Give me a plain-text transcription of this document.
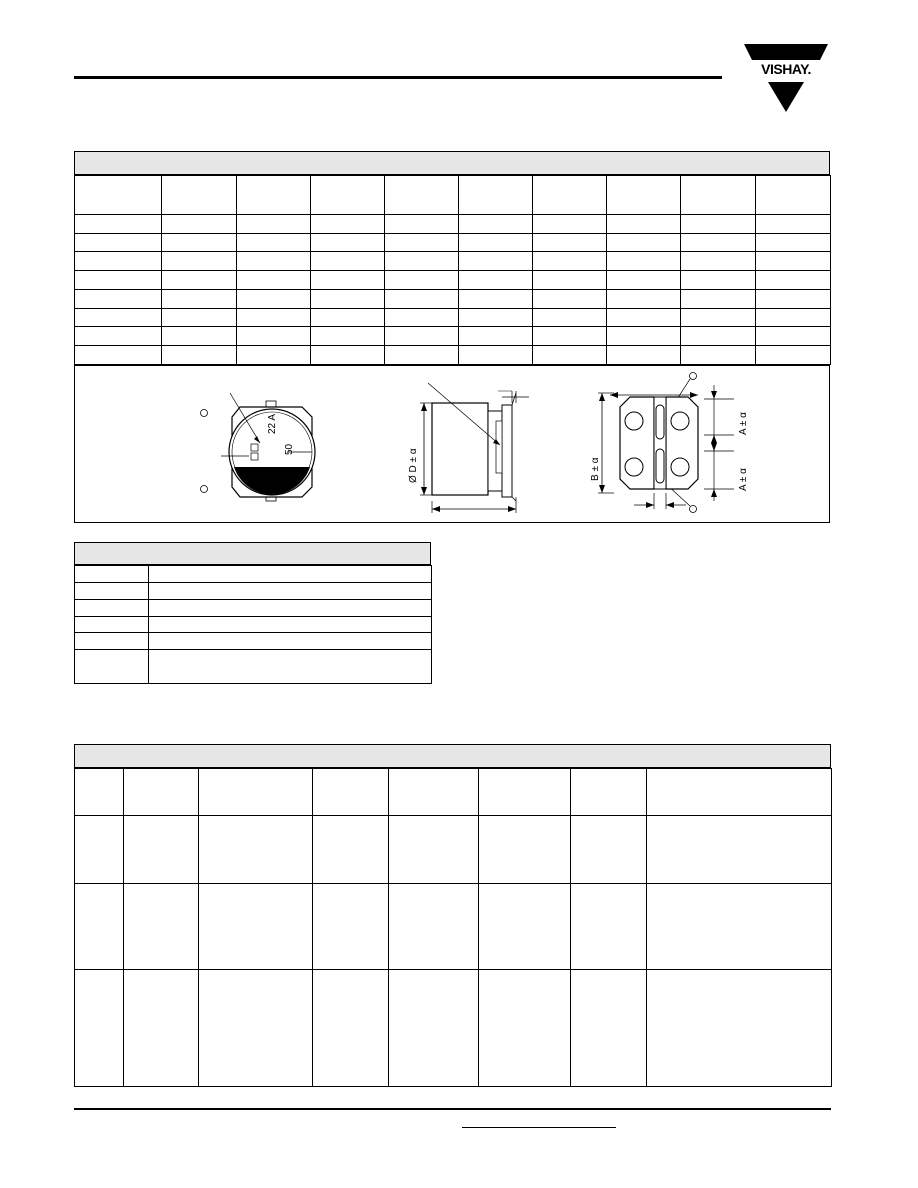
VISHAY.

22 A
50	Ø D ± α	B ± α
A ± α
A ± α
